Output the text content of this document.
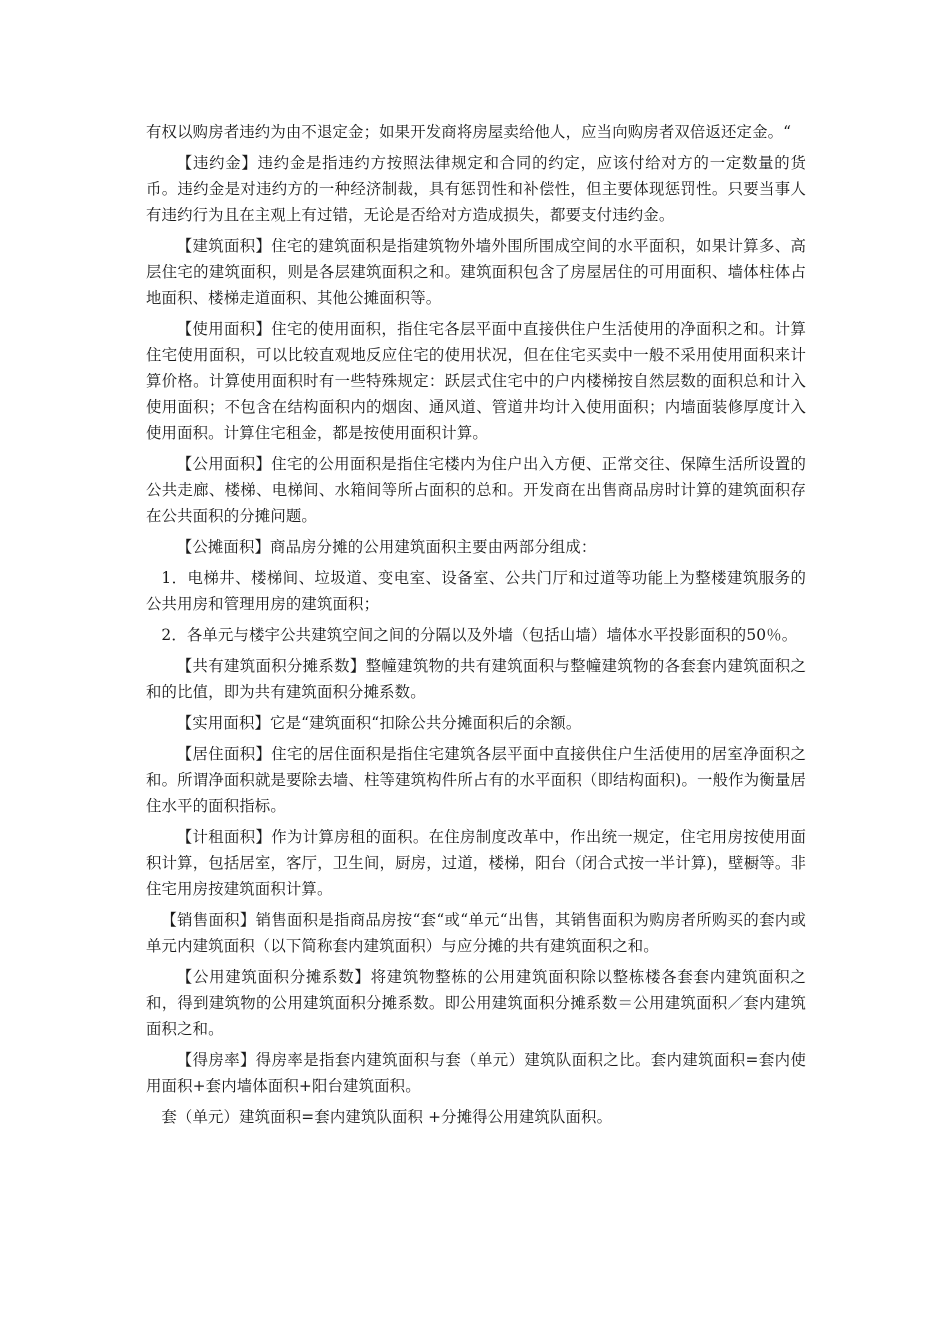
有权以购房者违约为由不退定金；如果开发商将房屋卖给他人，应当向购房者双倍返还定金。“

【违约金】违约金是指违约方按照法律规定和合同的约定，应该付给对方的一定数量的货币。违约金是对违约方的一种经济制裁，具有惩罚性和补偿性，但主要体现惩罚性。只要当事人有违约行为且在主观上有过错，无论是否给对方造成损失，都要支付违约金。

【建筑面积】住宅的建筑面积是指建筑物外墙外围所围成空间的水平面积，如果计算多、高层住宅的建筑面积，则是各层建筑面积之和。建筑面积包含了房屋居住的可用面积、墙体柱体占地面积、楼梯走道面积、其他公摊面积等。

【使用面积】住宅的使用面积，指住宅各层平面中直接供住户生活使用的净面积之和。计算住宅使用面积，可以比较直观地反应住宅的使用状况，但在住宅买卖中一般不采用使用面积来计算价格。计算使用面积时有一些特殊规定：跃层式住宅中的户内楼梯按自然层数的面积总和计入使用面积；不包含在结构面积内的烟囱、通风道、管道井均计入使用面积；内墙面装修厚度计入使用面积。计算住宅租金，都是按使用面积计算。

【公用面积】住宅的公用面积是指住宅楼内为住户出入方便、正常交往、保障生活所设置的公共走廊、楼梯、电梯间、水箱间等所占面积的总和。开发商在出售商品房时计算的建筑面积存在公共面积的分摊问题。

【公摊面积】商品房分摊的公用建筑面积主要由两部分组成：

1．电梯井、楼梯间、垃圾道、变电室、设备室、公共门厅和过道等功能上为整楼建筑服务的公共用房和管理用房的建筑面积；

2．各单元与楼宇公共建筑空间之间的分隔以及外墙（包括山墙）墙体水平投影面积的50％。

【共有建筑面积分摊系数】整幢建筑物的共有建筑面积与整幢建筑物的各套套内建筑面积之和的比值，即为共有建筑面积分摊系数。

【实用面积】它是“建筑面积“扣除公共分摊面积后的余额。

【居住面积】住宅的居住面积是指住宅建筑各层平面中直接供住户生活使用的居室净面积之和。所谓净面积就是要除去墙、柱等建筑构件所占有的水平面积（即结构面积)。一般作为衡量居住水平的面积指标。

【计租面积】作为计算房租的面积。在住房制度改革中，作出统一规定，住宅用房按使用面积计算，包括居室，客厅，卫生间，厨房，过道，楼梯，阳台（闭合式按一半计算)，壁橱等。非住宅用房按建筑面积计算。

【销售面积】销售面积是指商品房按“套“或“单元“出售，其销售面积为购房者所购买的套内或单元内建筑面积（以下简称套内建筑面积）与应分摊的共有建筑面积之和。

【公用建筑面积分摊系数】将建筑物整栋的公用建筑面积除以整栋楼各套套内建筑面积之和，得到建筑物的公用建筑面积分摊系数。即公用建筑面积分摊系数＝公用建筑面积／套内建筑面积之和。

【得房率】得房率是指套内建筑面积与套（单元）建筑队面积之比。套内建筑面积=套内使用面积+套内墙体面积+阳台建筑面积。

套（单元）建筑面积=套内建筑队面积 +分摊得公用建筑队面积。
